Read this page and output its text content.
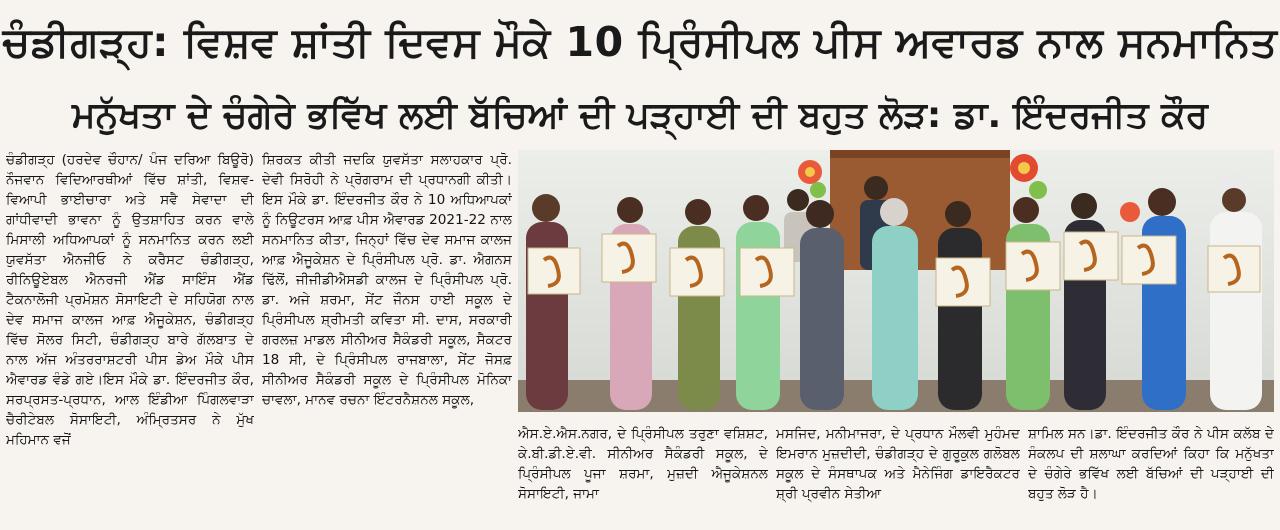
ਚੰਡੀਗੜ੍ਹ: ਵਿਸ਼ਵ ਸ਼ਾਂਤੀ ਦਿਵਸ ਮੌਕੇ 10 ਪ੍ਰਿੰਸੀਪਲ ਪੀਸ ਅਵਾਰਡ ਨਾਲ ਸਨਮਾਨਿਤ
ਮਨੁੱਖਤਾ ਦੇ ਚੰਗੇਰੇ ਭਵਿੱਖ ਲਈ ਬੱਚਿਆਂ ਦੀ ਪੜ੍ਹਾਈ ਦੀ ਬਹੁਤ ਲੋੜ: ਡਾ. ਇੰਦਰਜੀਤ ਕੌਰ

ਚੰਡੀਗੜ੍ਹ (ਹਰਦੇਵ ਚੌਹਾਨ/ ਪੰਜ ਦਰਿਆ ਬਿਊਰੋ) ਨੌਜਵਾਨ ਵਿਦਿਆਰਥੀਆਂ ਵਿੱਚ ਸ਼ਾਂਤੀ, ਵਿਸ਼ਵ-ਵਿਆਪੀ ਭਾਈਚਾਰਾ ਅਤੇ ਸਵੈ ਸੇਵਾਦਾ ਦੀ ਗਾਂਧੀਵਾਦੀ ਭਾਵਨਾ ਨੂੰ ਉਤਸ਼ਾਹਿਤ ਕਰਨ ਵਾਲੇ ਮਿਸਾਲੀ ਅਧਿਆਪਕਾਂ ਨੂੰ ਸਨਮਾਨਿਤ ਕਰਨ ਲਈ ਯੁਵਸੱਤਾ ਐਨਜੀਓ ਨੇ ਕਰੈਸਟ ਚੰਡੀਗੜ੍ਹ, ਰੀਨਿਊਏਬਲ ਐਨਰਜੀ ਐਂਡ ਸਾਇੰਸ ਐਂਡ ਟੈਕਨਾਲੋਜੀ ਪ੍ਰਮੋਸ਼ਨ ਸੋਸਾਇਟੀ ਦੇ ਸਹਿਯੋਗ ਨਾਲ ਦੇਵ ਸਮਾਜ ਕਾਲਜ ਆਫ਼ ਐਜੂਕੇਸ਼ਨ, ਚੰਡੀਗੜ੍ਹ ਵਿੱਚ ਸੋਲਰ ਸਿਟੀ, ਚੰਡੀਗੜ੍ਹ ਬਾਰੇ ਗੱਲਬਾਤ ਦੇ ਨਾਲ ਅੱਜ ਅੰਤਰਰਾਸ਼ਟਰੀ ਪੀਸ ਡੇਅ ਮੌਕੇ ਪੀਸ ਐਵਾਰਡ ਵੰਡੇ ਗਏ।ਇਸ ਮੌਕੇ ਡਾ. ਇੰਦਰਜੀਤ ਕੌਰ, ਸਰਪ੍ਰਸਤ-ਪ੍ਰਧਾਨ, ਆਲ ਇੰਡੀਆ ਪਿੰਗਲਵਾੜਾ ਚੈਰੀਟੇਬਲ ਸੋਸਾਇਟੀ, ਅੰਮ੍ਰਿਤਸਰ ਨੇ ਮੁੱਖ ਮਹਿਮਾਨ ਵਜੋਂ

ਸ਼ਿਰਕਤ ਕੀਤੀ ਜਦਕਿ ਯੁਵਸੱਤਾ ਸਲਾਹਕਾਰ ਪ੍ਰੋ. ਦੇਵੀ ਸਿਰੋਹੀ ਨੇ ਪ੍ਰੋਗਰਾਮ ਦੀ ਪ੍ਰਧਾਨਗੀ ਕੀਤੀ। ਇਸ ਮੌਕੇ ਡਾ. ਇੰਦਰਜੀਤ ਕੌਰ ਨੇ 10 ਅਧਿਆਪਕਾਂ ਨੂੰ ਨਿਊਟਰਸ ਆਫ਼ ਪੀਸ ਐਵਾਰਡ 2021-22 ਨਾਲ ਸਨਮਾਨਿਤ ਕੀਤਾ, ਜਿਨ੍ਹਾਂ ਵਿੱਚ ਦੇਵ ਸਮਾਜ ਕਾਲਜ ਆਫ਼ ਐਜੂਕੇਸ਼ਨ ਦੇ ਪ੍ਰਿੰਸੀਪਲ ਪ੍ਰੋ. ਡਾ. ਐਗਨਸ ਢਿੱਲੋਂ, ਜੀਜੀਡੀਐਸਡੀ ਕਾਲਜ ਦੇ ਪ੍ਰਿੰਸੀਪਲ ਪ੍ਰੋ. ਡਾ. ਅਜੇ ਸ਼ਰਮਾ, ਸੇਂਟ ਜੌਨਸ ਹਾਈ ਸਕੂਲ ਦੇ ਪ੍ਰਿੰਸੀਪਲ ਸ਼੍ਰੀਮਤੀ ਕਵਿਤਾ ਸੀ. ਦਾਸ, ਸਰਕਾਰੀ ਗਰਲਜ਼ ਮਾਡਲ ਸੀਨੀਅਰ ਸੈਕੰਡਰੀ ਸਕੂਲ, ਸੈਕਟਰ 18 ਸੀ, ਦੇ ਪ੍ਰਿੰਸੀਪਲ ਰਾਜਬਾਲਾ, ਸੇਂਟ ਜੋਸਫ਼ ਸੀਨੀਅਰ ਸੈਕੰਡਰੀ ਸਕੂਲ ਦੇ ਪ੍ਰਿੰਸੀਪਲ ਮੋਨਿਕਾ ਚਾਵਲਾ, ਮਾਨਵ ਰਚਨਾ ਇੰਟਰਨੈਸ਼ਨਲ ਸਕੂਲ,

ਐਸ.ਏ.ਐਸ.ਨਗਰ, ਦੇ ਪ੍ਰਿੰਸੀਪਲ ਤਰੁਣਾ ਵਸ਼ਿਸ਼ਟ, ਕੇ.ਬੀ.ਡੀ.ਏ.ਵੀ. ਸੀਨੀਅਰ ਸੈਕੰਡਰੀ ਸਕੂਲ, ਦੇ ਪ੍ਰਿੰਸੀਪਲ ਪੂਜਾ ਸ਼ਰਮਾ, ਮੁਜ਼ਦੀ ਐਜੂਕੇਸ਼ਨਲ ਸੋਸਾਇਟੀ, ਜਾਮਾ

ਮਸਜਿਦ, ਮਨੀਮਾਜਰਾ, ਦੇ ਪ੍ਰਧਾਨ ਮੌਲਵੀ ਮੁਹੰਮਦ ਇਮਰਾਨ ਮੁਜ਼ਦੀਦੀ, ਚੰਡੀਗੜ੍ਹ ਦੇ ਗੁਰੂਕੁਲ ਗਲੋਬਲ ਸਕੂਲ ਦੇ ਸੰਸਥਾਪਕ ਅਤੇ ਮੈਨੇਜਿੰਗ ਡਾਇਰੈਕਟਰ ਸ਼੍ਰੀ ਪ੍ਰਵੀਨ ਸੇਤੀਆ

ਸ਼ਾਮਿਲ ਸਨ।ਡਾ. ਇੰਦਰਜੀਤ ਕੌਰ ਨੇ ਪੀਸ ਕਲੱਬ ਦੇ ਸੰਕਲਪ ਦੀ ਸ਼ਲਾਘਾ ਕਰਦਿਆਂ ਕਿਹਾ ਕਿ ਮਨੁੱਖਤਾ ਦੇ ਚੰਗੇਰੇ ਭਵਿੱਖ ਲਈ ਬੱਚਿਆਂ ਦੀ ਪੜ੍ਹਾਈ ਦੀ ਬਹੁਤ ਲੋੜ ਹੈ।
